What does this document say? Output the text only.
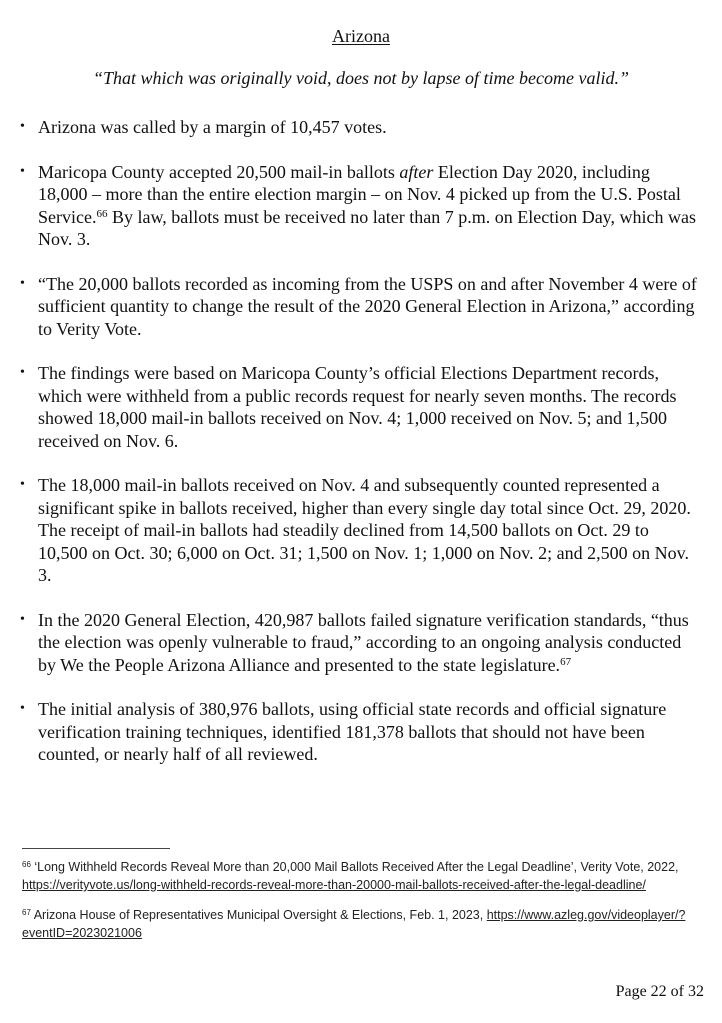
Arizona
“That which was originally void, does not by lapse of time become valid.”
• Arizona was called by a margin of 10,457 votes.
• Maricopa County accepted 20,500 mail-in ballots after Election Day 2020, including 18,000 – more than the entire election margin – on Nov. 4 picked up from the U.S. Postal Service.$^{66}$ By law, ballots must be received no later than 7 p.m. on Election Day, which was Nov. 3.
• “The 20,000 ballots recorded as incoming from the USPS on and after November 4 were of sufficient quantity to change the result of the 2020 General Election in Arizona,” according to Verity Vote.
• The findings were based on Maricopa County’s official Elections Department records, which were withheld from a public records request for nearly seven months. The records showed 18,000 mail-in ballots received on Nov. 4; 1,000 received on Nov. 5; and 1,500 received on Nov. 6.
• The 18,000 mail-in ballots received on Nov. 4 and subsequently counted represented a significant spike in ballots received, higher than every single day total since Oct. 29, 2020. The receipt of mail-in ballots had steadily declined from 14,500 ballots on Oct. 29 to 10,500 on Oct. 30; 6,000 on Oct. 31; 1,500 on Nov. 1; 1,000 on Nov. 2; and 2,500 on Nov. 3.
• In the 2020 General Election, 420,987 ballots failed signature verification standards, “thus the election was openly vulnerable to fraud,” according to an ongoing analysis conducted by We the People Arizona Alliance and presented to the state legislature.$^{67}$
• The initial analysis of 380,976 ballots, using official state records and official signature verification training techniques, identified 181,378 ballots that should not have been counted, or nearly half of all reviewed.
$^{66}$ ‘Long Withheld Records Reveal More than 20,000 Mail Ballots Received After the Legal Deadline’, Verity Vote, 2022, https://verityvote.us/long-withheld-records-reveal-more-than-20000-mail-ballots-received-after-the-legal-deadline/
$^{67}$ Arizona House of Representatives Municipal Oversight & Elections, Feb. 1, 2023, https://www.azleg.gov/videoplayer/?eventID=2023021006
Page 22 of 32
